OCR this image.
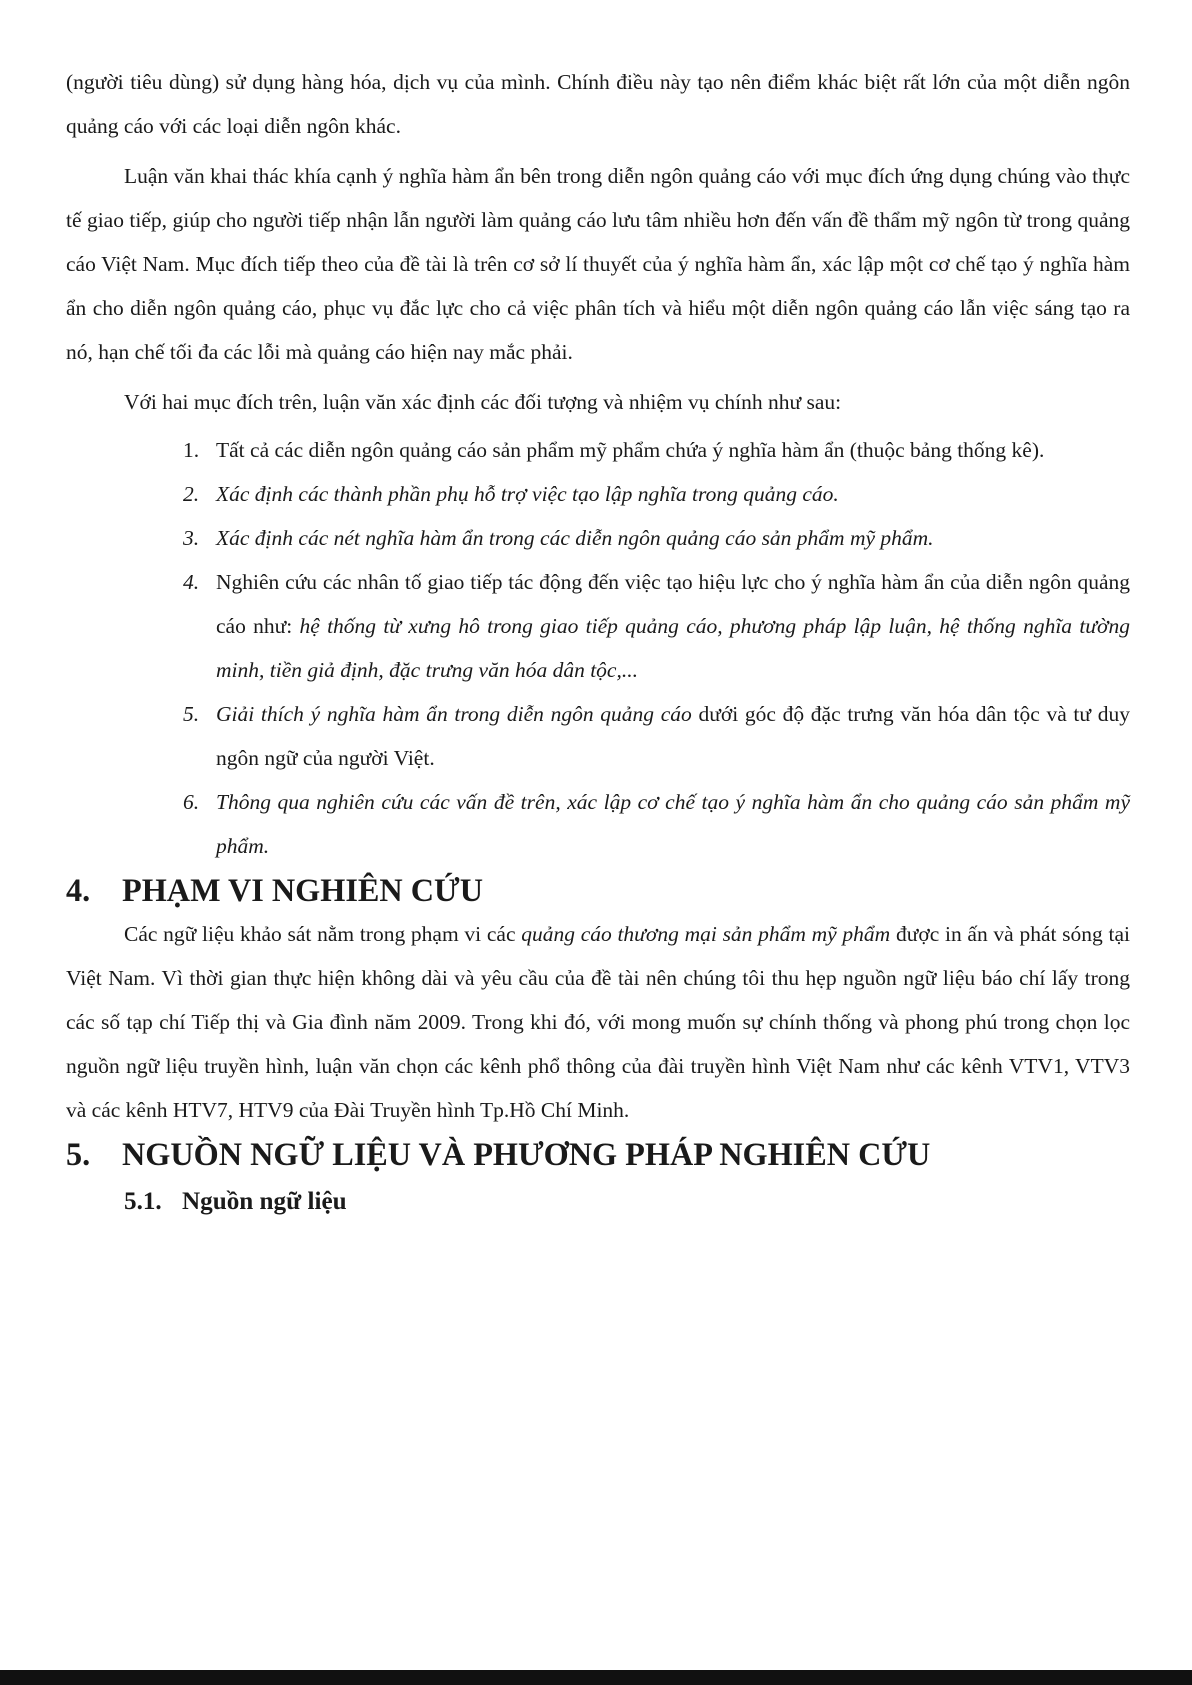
(người tiêu dùng) sử dụng hàng hóa, dịch vụ của mình. Chính điều này tạo nên điểm khác biệt rất lớn của một diễn ngôn quảng cáo với các loại diễn ngôn khác.

Luận văn khai thác khía cạnh ý nghĩa hàm ẩn bên trong diễn ngôn quảng cáo với mục đích ứng dụng chúng vào thực tế giao tiếp, giúp cho người tiếp nhận lẫn người làm quảng cáo lưu tâm nhiều hơn đến vấn đề thẩm mỹ ngôn từ trong quảng cáo Việt Nam. Mục đích tiếp theo của đề tài là trên cơ sở lí thuyết của ý nghĩa hàm ẩn, xác lập một cơ chế tạo ý nghĩa hàm ẩn cho diễn ngôn quảng cáo, phục vụ đắc lực cho cả việc phân tích và hiểu một diễn ngôn quảng cáo lẫn việc sáng tạo ra nó, hạn chế tối đa các lỗi mà quảng cáo hiện nay mắc phải.

Với hai mục đích trên, luận văn xác định các đối tượng và nhiệm vụ chính như sau:

1. Tất cả các diễn ngôn quảng cáo sản phẩm mỹ phẩm chứa ý nghĩa hàm ẩn (thuộc bảng thống kê).
2. Xác định các thành phần phụ hỗ trợ việc tạo lập nghĩa trong quảng cáo.
3. Xác định các nét nghĩa hàm ẩn trong các diễn ngôn quảng cáo sản phẩm mỹ phẩm.
4. Nghiên cứu các nhân tố giao tiếp tác động đến việc tạo hiệu lực cho ý nghĩa hàm ẩn của diễn ngôn quảng cáo như: hệ thống từ xưng hô trong giao tiếp quảng cáo, phương pháp lập luận, hệ thống nghĩa tường minh, tiền giả định, đặc trưng văn hóa dân tộc,...
5. Giải thích ý nghĩa hàm ẩn trong diễn ngôn quảng cáo dưới góc độ đặc trưng văn hóa dân tộc và tư duy ngôn ngữ của người Việt.
6. Thông qua nghiên cứu các vấn đề trên, xác lập cơ chế tạo ý nghĩa hàm ẩn cho quảng cáo sản phẩm mỹ phẩm.
4. PHẠM VI NGHIÊN CỨU

Các ngữ liệu khảo sát nằm trong phạm vi các quảng cáo thương mại sản phẩm mỹ phẩm được in ấn và phát sóng tại Việt Nam. Vì thời gian thực hiện không dài và yêu cầu của đề tài nên chúng tôi thu hẹp nguồn ngữ liệu báo chí lấy trong các số tạp chí Tiếp thị và Gia đình năm 2009. Trong khi đó, với mong muốn sự chính thống và phong phú trong chọn lọc nguồn ngữ liệu truyền hình, luận văn chọn các kênh phổ thông của đài truyền hình Việt Nam như các kênh VTV1, VTV3 và các kênh HTV7, HTV9 của Đài Truyền hình Tp.Hồ Chí Minh.

5. NGUỒN NGỮ LIỆU VÀ PHƯƠNG PHÁP NGHIÊN CỨU
5.1. Nguồn ngữ liệu
